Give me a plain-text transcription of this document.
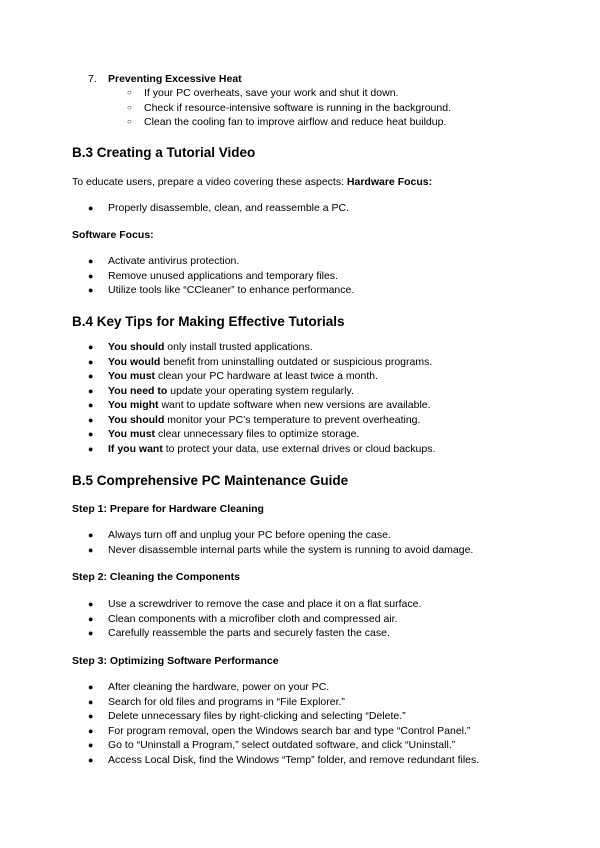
7. Preventing Excessive Heat
○ If your PC overheats, save your work and shut it down.
○ Check if resource-intensive software is running in the background.
○ Clean the cooling fan to improve airflow and reduce heat buildup.
B.3 Creating a Tutorial Video

To educate users, prepare a video covering these aspects: Hardware Focus:

● Properly disassemble, clean, and reassemble a PC.
Software Focus:
● Activate antivirus protection.
● Remove unused applications and temporary files.
● Utilize tools like “CCleaner” to enhance performance.
B.4 Key Tips for Making Effective Tutorials
● You should only install trusted applications.
● You would benefit from uninstalling outdated or suspicious programs.
● You must clean your PC hardware at least twice a month.
● You need to update your operating system regularly.
● You might want to update software when new versions are available.
● You should monitor your PC’s temperature to prevent overheating.
● You must clear unnecessary files to optimize storage.
● If you want to protect your data, use external drives or cloud backups.
B.5 Comprehensive PC Maintenance Guide
Step 1: Prepare for Hardware Cleaning
● Always turn off and unplug your PC before opening the case.
● Never disassemble internal parts while the system is running to avoid damage.
Step 2: Cleaning the Components
● Use a screwdriver to remove the case and place it on a flat surface.
● Clean components with a microfiber cloth and compressed air.
● Carefully reassemble the parts and securely fasten the case.
Step 3: Optimizing Software Performance
● After cleaning the hardware, power on your PC.
● Search for old files and programs in “File Explorer.”
● Delete unnecessary files by right-clicking and selecting “Delete.”
● For program removal, open the Windows search bar and type “Control Panel.”
● Go to “Uninstall a Program,” select outdated software, and click “Uninstall.”
● Access Local Disk, find the Windows “Temp” folder, and remove redundant files.
